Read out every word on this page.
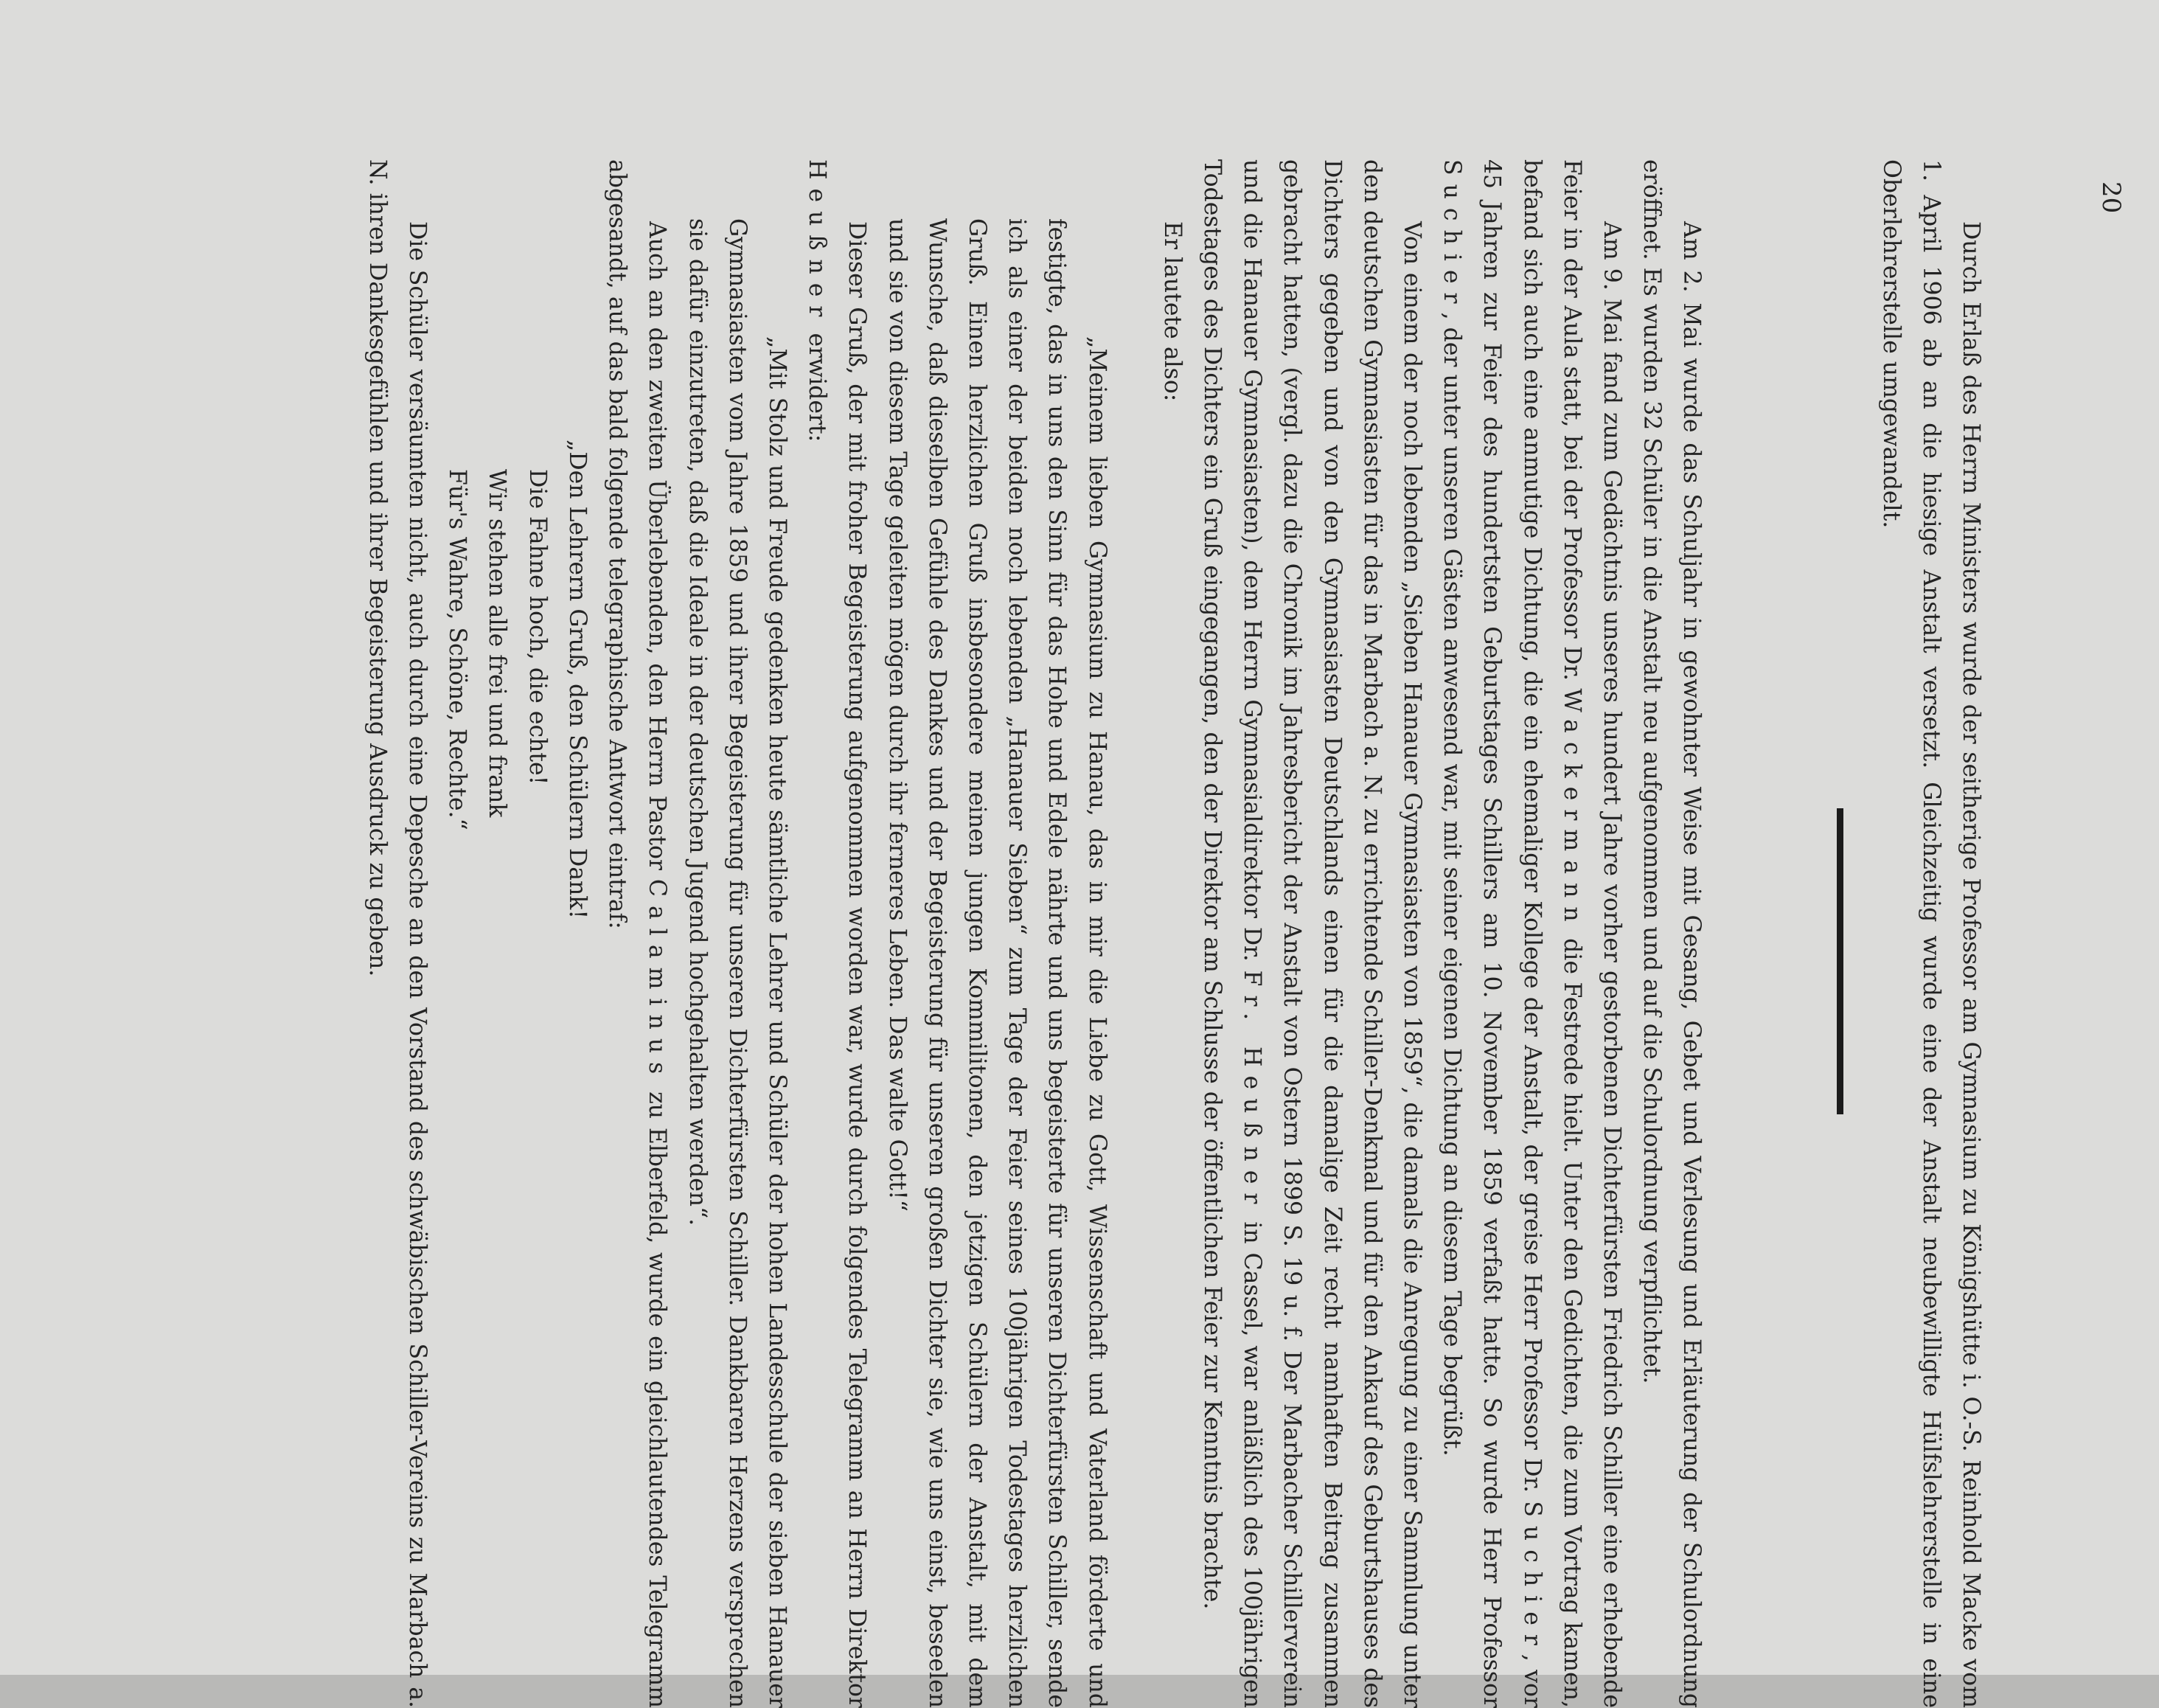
20

Durch Erlaß des Herrn Ministers wurde der seitherige Professor am Gymnasium zu Königshütte i. O.-S. Reinhold Macke vom 1. April 1906 ab an die hiesige Anstalt versetzt. Gleichzeitig wurde eine der Anstalt neubewilligte Hülfslehrerstelle in eine Oberlehrerstelle umgewandelt.

Am 2. Mai wurde das Schuljahr in gewohnter Weise mit Gesang, Gebet und Verlesung und Erläuterung der Schulordnung eröffnet. Es wurden 32 Schüler in die Anstalt neu aufgenommen und auf die Schulordnung verpflichtet.

Am 9. Mai fand zum Gedächtnis unseres hundert Jahre vorher gestorbenen Dichterfürsten Friedrich Schiller eine erhebende Feier in der Aula statt, bei der Professor Dr. Wackermann die Festrede hielt. Unter den Gedichten, die zum Vortrag kamen, befand sich auch eine anmutige Dichtung, die ein ehemaliger Kollege der Anstalt, der greise Herr Professor Dr. Suchier, vor 45 Jahren zur Feier des hundertsten Geburtstages Schillers am 10. November 1859 verfaßt hatte. So wurde Herr Professor Suchier, der unter unseren Gästen anwesend war, mit seiner eigenen Dichtung an diesem Tage begrüßt.

Von einem der noch lebenden „Sieben Hanauer Gymnasiasten von 1859“, die damals die Anregung zu einer Sammlung unter den deutschen Gymnasiasten für das in Marbach a. N. zu errichtende Schiller-Denkmal und für den Ankauf des Geburtshauses des Dichters gegeben und von den Gymnasiasten Deutschlands einen für die damalige Zeit recht namhaften Beitrag zusammen gebracht hatten, (vergl. dazu die Chronik im Jahresbericht der Anstalt von Ostern 1899 S. 19 u. f. Der Marbacher Schillerverein und die Hanauer Gymnasiasten), dem Herrn Gymnasialdirektor Dr. Fr. Heußner in Cassel, war anläßlich des 100jährigen Todestages des Dichters ein Gruß eingegangen, den der Direktor am Schlusse der öffentlichen Feier zur Kenntnis brachte.

Er lautete also:

„Meinem lieben Gymnasium zu Hanau, das in mir die Liebe zu Gott, Wissenschaft und Vaterland förderte und festigte, das in uns den Sinn für das Hohe und Edele nährte und uns begeisterte für unseren Dichterfürsten Schiller, sende ich als einer der beiden noch lebenden „Hanauer Sieben“ zum Tage der Feier seines 100jährigen Todestages herzlichen Gruß. Einen herzlichen Gruß insbesondere meinen jungen Kommilitonen, den jetzigen Schülern der Anstalt, mit dem Wunsche, daß dieselben Gefühle des Dankes und der Begeisterung für unseren großen Dichter sie, wie uns einst, beseelen und sie von diesem Tage geleiten mögen durch ihr ferneres Leben. Das walte Gott!“

Dieser Gruß, der mit froher Begeisterung aufgenommen worden war, wurde durch folgendes Telegramm an Herrn Direktor Heußner erwidert:

„Mit Stolz und Freude gedenken heute sämtliche Lehrer und Schüler der hohen Landesschule der sieben Hanauer Gymnasiasten vom Jahre 1859 und ihrer Begeisterung für unseren Dichterfürsten Schiller. Dankbaren Herzens versprechen sie dafür einzutreten, daß die Ideale in der deutschen Jugend hochgehalten werden“.

Auch an den zweiten Überlebenden, den Herrn Pastor Calaminus zu Elberfeld, wurde ein gleichlautendes Telegramm abgesandt, auf das bald folgende telegraphische Antwort eintraf:

„Den Lehrern Gruß, den Schülern Dank!

Die Fahne hoch, die echte!

Wir stehen alle frei und frank

Für's Wahre, Schöne, Rechte.“

Die Schüler versäumten nicht, auch durch eine Depesche an den Vorstand des schwäbischen Schiller-Vereins zu Marbach a. N. ihren Dankesgefühlen und ihrer Begeisterung Ausdruck zu geben.
